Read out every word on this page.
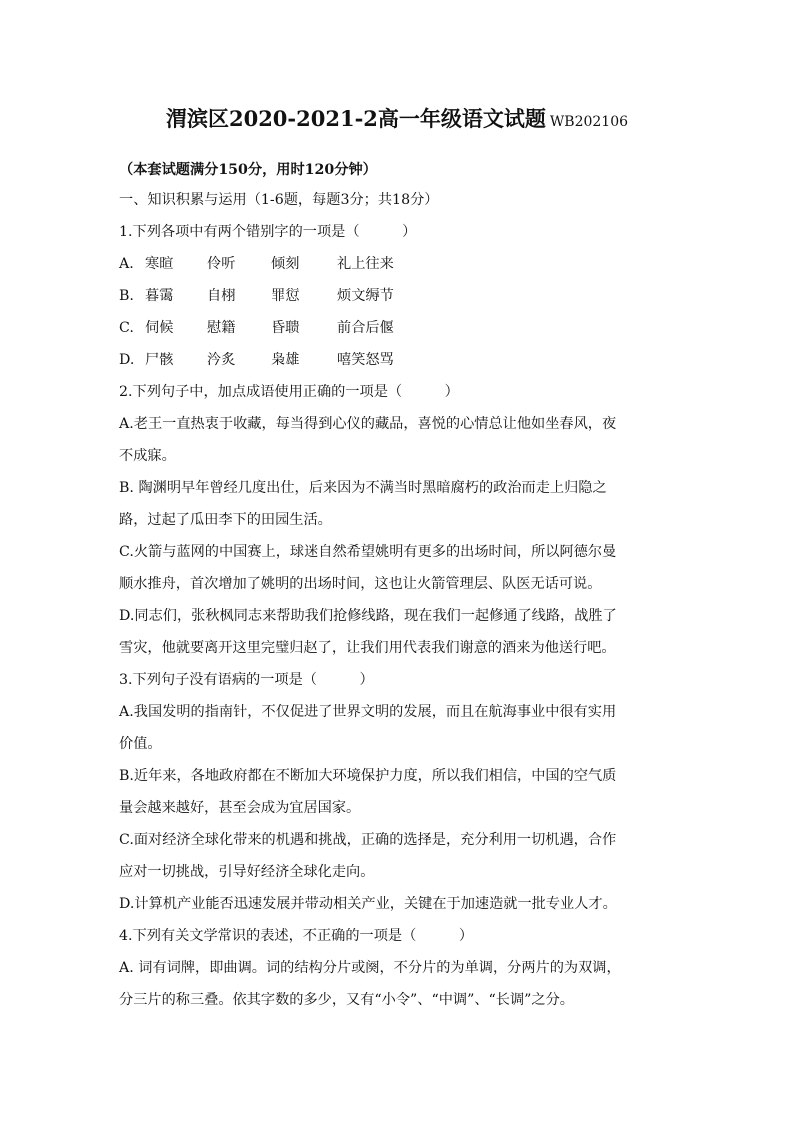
渭滨区2020-2021-2高一年级语文试题 WB202106
（本套试题满分150分，用时120分钟）
一、知识积累与运用（1-6题，每题3分；共18分）
1.下列各项中有两个错别字的一项是（　　　）
A. 寒暄 伶听	倾刻	礼上往来
B. 暮霭 自栩	罪愆	烦文缛节
C. 伺候 慰籍	昏聩	前合后偃
D. 尸骸 汵炙	枭雄	嘻笑怒骂
2.下列句子中，加点成语使用正确的一项是（　　　）
A.老王一直热衷于收藏，每当得到心仪的藏品，喜悦的心情总让他如坐春风，夜
不成寐。
B. 陶渊明早年曾经几度出仕，后来因为不满当时黑暗腐朽的政治而走上归隐之
路，过起了瓜田李下的田园生活。
C.火箭与蓝网的中国赛上，球迷自然希望姚明有更多的出场时间，所以阿德尔曼
顺水推舟，首次增加了姚明的出场时间，这也让火箭管理层、队医无话可说。
D.同志们，张秋枫同志来帮助我们抢修线路，现在我们一起修通了线路，战胜了
雪灾，他就要离开这里完璧归赵了，让我们用代表我们谢意的酒来为他送行吧。
3.下列句子没有语病的一项是（　　　）
A.我国发明的指南针，不仅促进了世界文明的发展，而且在航海事业中很有实用
价值。
B.近年来，各地政府都在不断加大环境保护力度，所以我们相信，中国的空气质
量会越来越好，甚至会成为宜居国家。
C.面对经济全球化带来的机遇和挑战，正确的选择是，充分利用一切机遇，合作
应对一切挑战，引导好经济全球化走向。
D.计算机产业能否迅速发展并带动相关产业，关键在于加速造就一批专业人才。
4.下列有关文学常识的表述，不正确的一项是（　　　）
A. 词有词牌，即曲调。词的结构分片或阕，不分片的为单调，分两片的为双调，
分三片的称三叠。依其字数的多少，又有“小令”、“中调”、“长调”之分。
